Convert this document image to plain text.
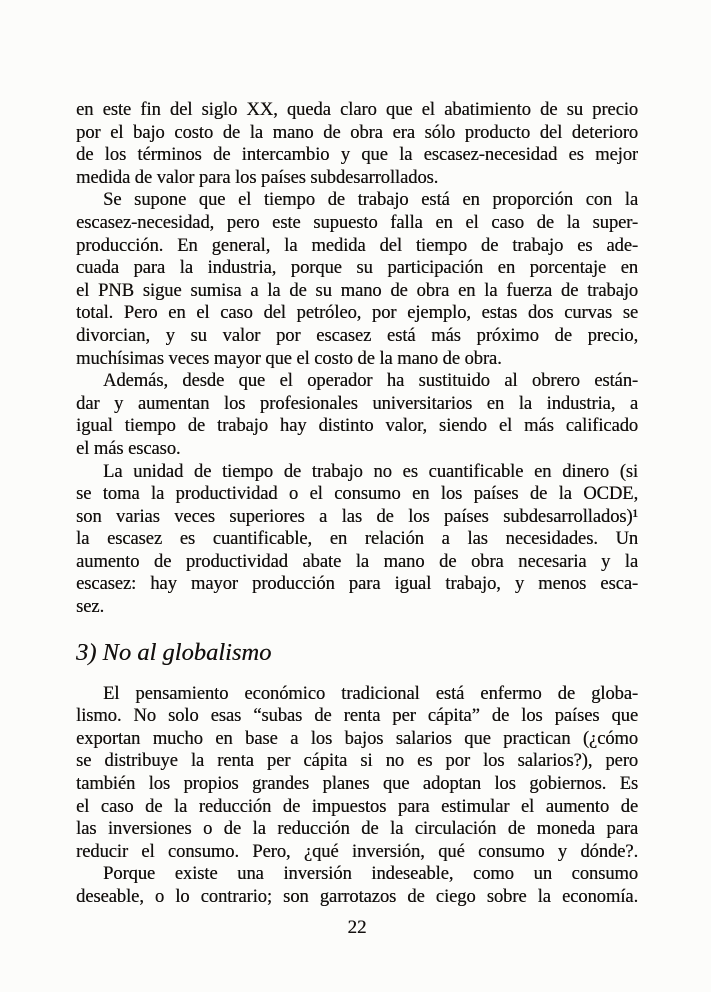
en este fin del siglo XX, queda claro que el abatimiento de su precio
por el bajo costo de la mano de obra era sólo producto del deterioro
de los términos de intercambio y que la escasez-necesidad es mejor
medida de valor para los países subdesarrollados.
Se supone que el tiempo de trabajo está en proporción con la
escasez-necesidad, pero este supuesto falla en el caso de la super-
producción. En general, la medida del tiempo de trabajo es ade-
cuada para la industria, porque su participación en porcentaje en
el PNB sigue sumisa a la de su mano de obra en la fuerza de trabajo
total. Pero en el caso del petróleo, por ejemplo, estas dos curvas se
divorcian, y su valor por escasez está más próximo de precio,
muchísimas veces mayor que el costo de la mano de obra.
Además, desde que el operador ha sustituido al obrero están-
dar y aumentan los profesionales universitarios en la industria, a
igual tiempo de trabajo hay distinto valor, siendo el más calificado
el más escaso.
La unidad de tiempo de trabajo no es cuantificable en dinero (si
se toma la productividad o el consumo en los países de la OCDE,
son varias veces superiores a las de los países subdesarrollados)¹
la escasez es cuantificable, en relación a las necesidades. Un
aumento de productividad abate la mano de obra necesaria y la
escasez: hay mayor producción para igual trabajo, y menos esca-
sez.
3) No al globalismo
El pensamiento económico tradicional está enfermo de globa-
lismo. No solo esas “subas de renta per cápita” de los países que
exportan mucho en base a los bajos salarios que practican (¿cómo
se distribuye la renta per cápita si no es por los salarios?), pero
también los propios grandes planes que adoptan los gobiernos. Es
el caso de la reducción de impuestos para estimular el aumento de
las inversiones o de la reducción de la circulación de moneda para
reducir el consumo. Pero, ¿qué inversión, qué consumo y dónde?.
Porque existe una inversión indeseable, como un consumo
deseable, o lo contrario; son garrotazos de ciego sobre la economía.
22
